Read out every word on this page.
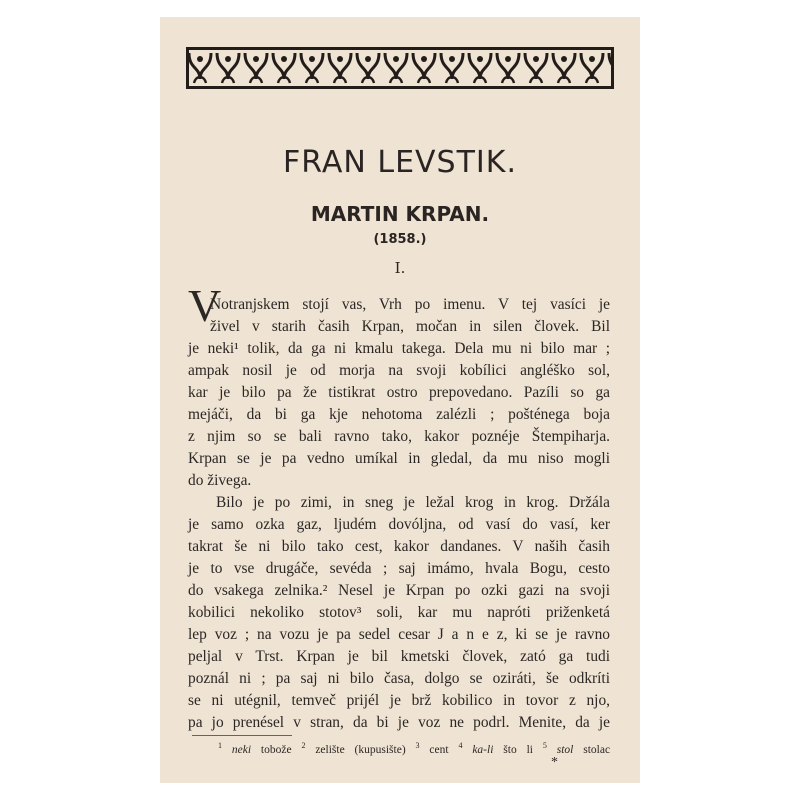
FRAN LEVSTIK.
MARTIN KRPAN.
(1858.)
I.
V
Notranjskem stojí vas, Vrh po imenu. V tej vasíci je
živel v starih časih Krpan, močan in silen človek. Bil
je neki¹ tolik, da ga ni kmalu takega. Dela mu ni bilo mar ;
ampak nosil je od morja na svoji kobílici angléško sol,
kar je bilo pa že tistikrat ostro prepovedano. Pazíli so ga
mejáči, da bi ga kje nehotoma zalézli ; pošténega boja
z njim so se bali ravno tako, kakor poznéje Štempiharja.
Krpan se je pa vedno umíkal in gledal, da mu niso mogli
do živega.
Bilo je po zimi, in sneg je ležal krog in krog. Držála
je samo ozka gaz, ljudém dovóljna, od vasí do vasí, ker
takrat še ni bilo tako cest, kakor dandanes. V naših časih
je to vse drugáče, sevéda ; saj imámo, hvala Bogu, cesto
do vsakega zelnika.² Nesel je Krpan po ozki gazi na svoji
kobilici nekoliko stotov³ soli, kar mu napróti priženketá
lep voz ; na vozu je pa sedel cesar J a n e z, ki se je ravno
peljal v Trst. Krpan je bil kmetski človek, zató ga tudi
poznál ni ; pa saj ni bilo časa, dolgo se oziráti, še odkríti
se ni utégnil, temveč prijél je brž kobilico in tovor z njo,
pa jo prenésel v stran, da bi je voz ne podrl. Menite, da je
$^1$ neki tobože $^2$ zelište (kupusište) $^3$ cent $^4$ ka-li što li $^5$ stol stolac
*
